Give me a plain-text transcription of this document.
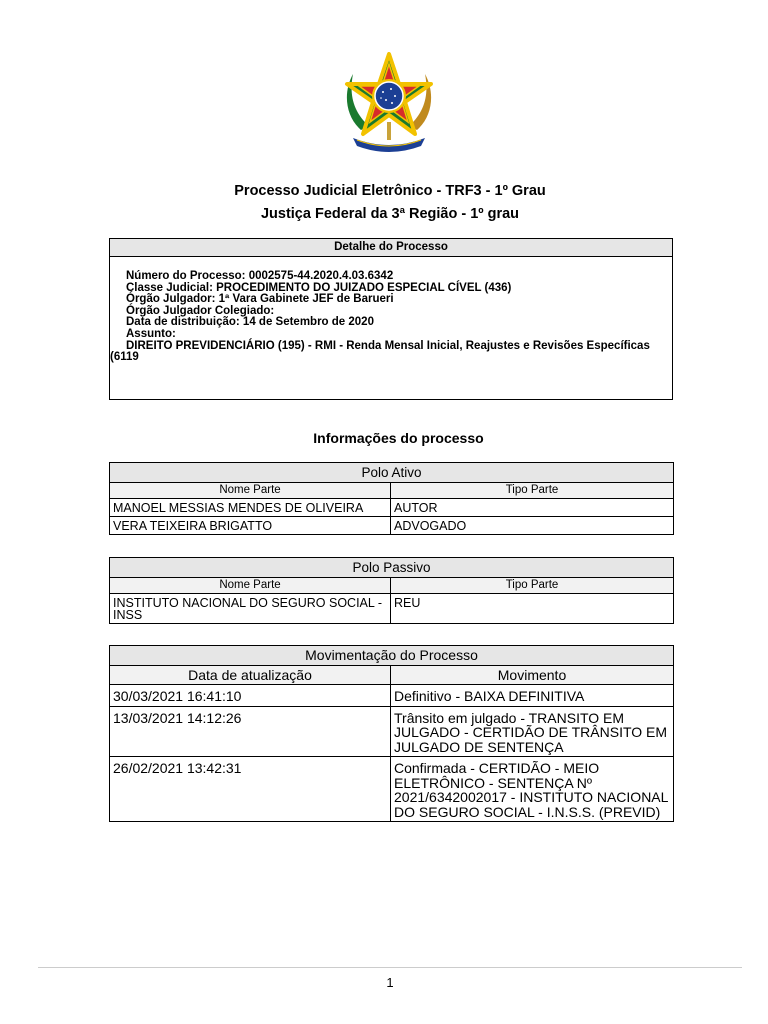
Processo Judicial Eletrônico - TRF3 - 1º Grau
Justiça Federal da 3ª Região - 1º grau
Detalhe do Processo
Número do Processo: 0002575-44.2020.4.03.6342
Classe Judicial: PROCEDIMENTO DO JUIZADO ESPECIAL CÍVEL (436)
Órgão Julgador: 1ª Vara Gabinete JEF de Barueri
Órgão Julgador Colegiado:
Data de distribuição: 14 de Setembro de 2020
Assunto:
DIREITO PREVIDENCIÁRIO (195) - RMI - Renda Mensal Inicial, Reajustes e Revisões Específicas (6119
Informações do processo
Polo Ativo	
Nome Parte	Tipo Parte
MANOEL MESSIAS MENDES DE OLIVEIRA	AUTOR
VERA TEIXEIRA BRIGATTO	ADVOGADO
Polo Passivo	
Nome Parte	Tipo Parte
INSTITUTO NACIONAL DO SEGURO SOCIAL - INSS	REU
Movimentação do Processo	
Data de atualização	Movimento
30/03/2021 16:41:10	Definitivo - BAIXA DEFINITIVA
13/03/2021 14:12:26	Trânsito em julgado - TRANSITO EM JULGADO - CERTIDÃO DE TRÂNSITO EM JULGADO DE SENTENÇA
26/02/2021 13:42:31	Confirmada - CERTIDÃO - MEIO ELETRÔNICO - SENTENÇA Nº 2021/6342002017 - INSTITUTO NACIONAL DO SEGURO SOCIAL - I.N.S.S. (PREVID)
1
